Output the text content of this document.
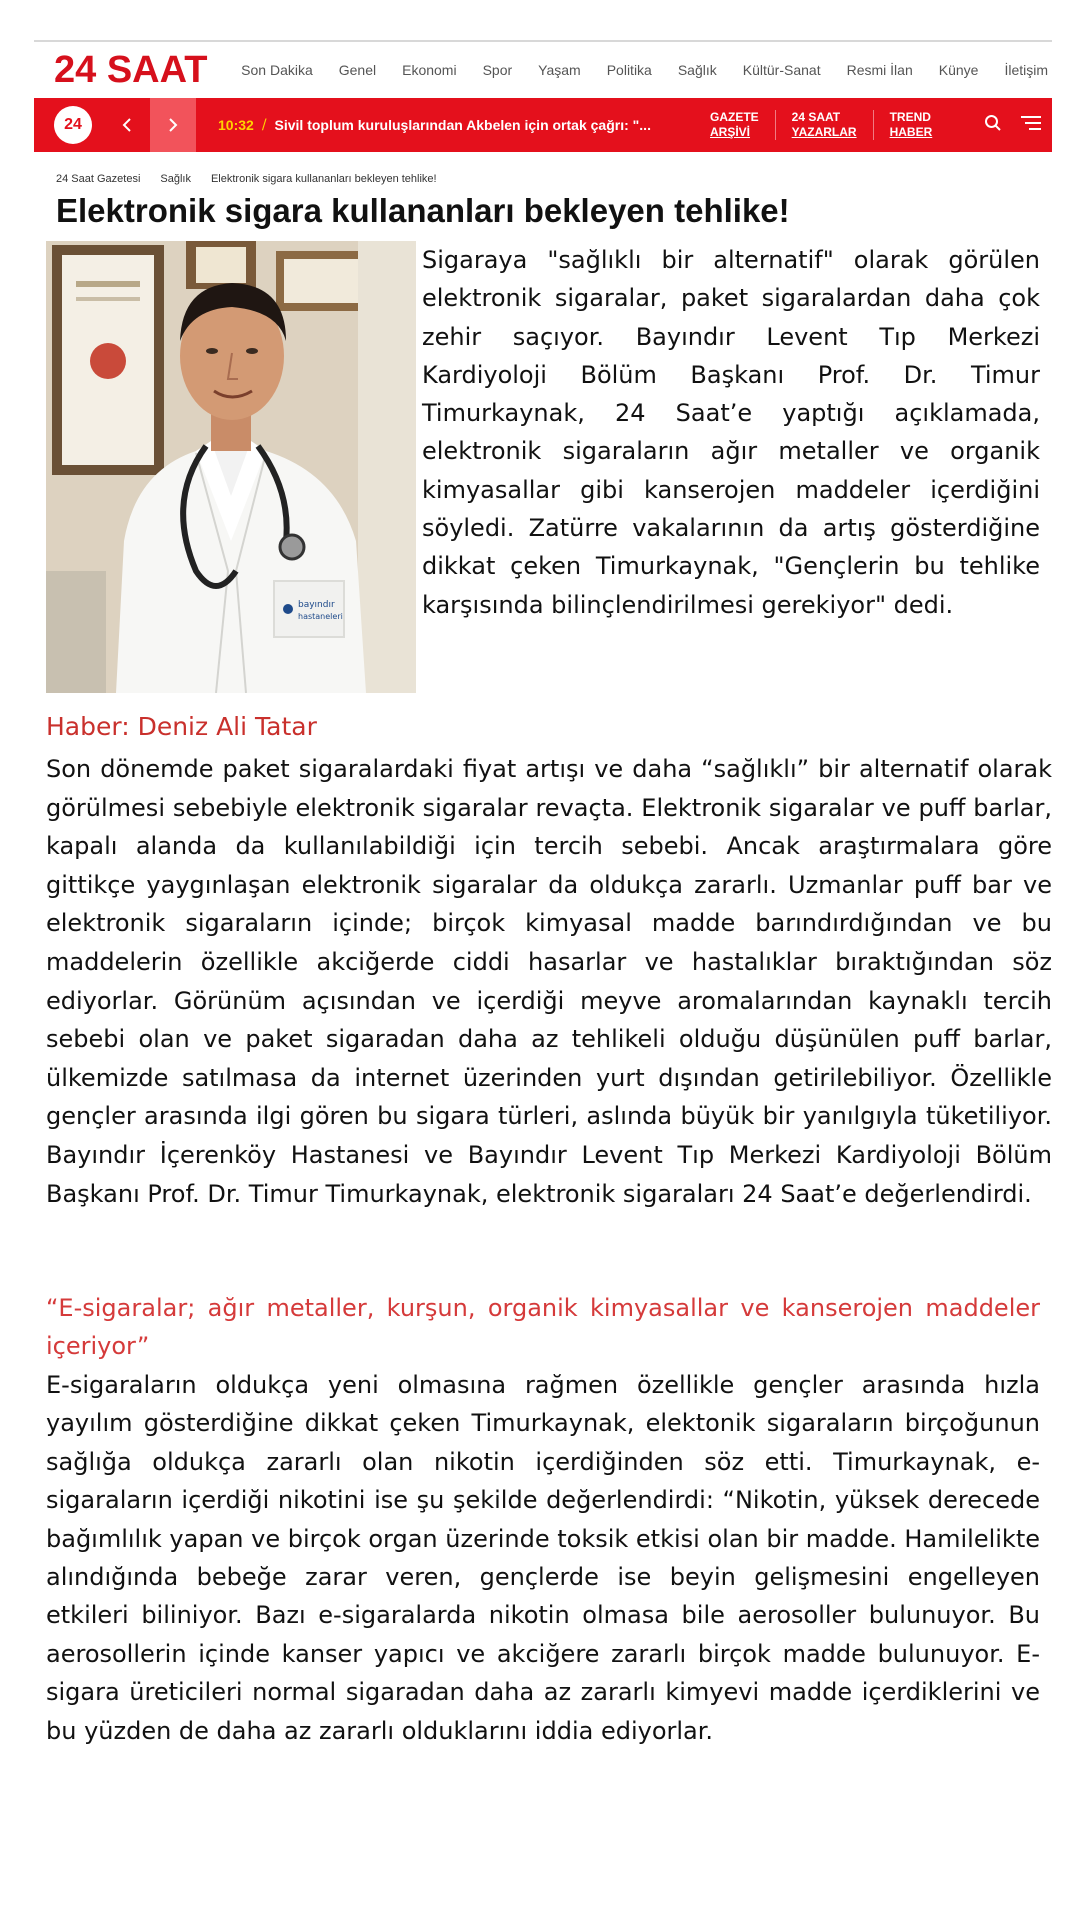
24 SAAT	Son Dakika Genel Ekonomi Spor Yaşam Politika Sağlık Kültür-Sanat Resmi İlan Künye İletişim
24	10:32 / Sivil toplum kuruluşlarından Akbelen için ortak çağrı: "...	GAZETE
ARŞİVİ
24 SAAT
YAZARLAR
TREND
HABER
24 Saat Gazetesi Sağlık Elektronik sigara kullananları bekleyen tehlike!
Elektronik sigara kullananları bekleyen tehlike!
bayındır
hastaneleri

Sigaraya "sağlıklı bir alternatif" olarak görülen elektronik sigaralar, paket sigaralardan daha çok zehir saçıyor. Bayındır Levent Tıp Merkezi Kardiyoloji Bölüm Başkanı Prof. Dr. Timur Timurkaynak, 24 Saat’e yaptığı açıklamada, elektronik sigaraların ağır metaller ve organik kimyasallar gibi kanserojen maddeler içerdiğini söyledi. Zatürre vakalarının da artış gösterdiğine dikkat çeken Timurkaynak, "Gençlerin bu tehlike karşısında bilinçlendirilmesi gerekiyor" dedi.

Haber: Deniz Ali Tatar

Son dönemde paket sigaralardaki fiyat artışı ve daha “sağlıklı” bir alternatif olarak görülmesi sebebiyle elektronik sigaralar revaçta. Elektronik sigaralar ve puff barlar, kapalı alanda da kullanılabildiği için tercih sebebi. Ancak araştırmalara göre gittikçe yaygınlaşan elektronik sigaralar da oldukça zararlı. Uzmanlar puff bar ve elektronik sigaraların içinde; birçok kimyasal madde barındırdığından ve bu maddelerin özellikle akciğerde ciddi hasarlar ve hastalıklar bıraktığından söz ediyorlar. Görünüm açısından ve içerdiği meyve aromalarından kaynaklı tercih sebebi olan ve paket sigaradan daha az tehlikeli olduğu düşünülen puff barlar, ülkemizde satılmasa da internet üzerinden yurt dışından getirilebiliyor. Özellikle gençler arasında ilgi gören bu sigara türleri, aslında büyük bir yanılgıyla tüketiliyor. Bayındır İçerenköy Hastanesi ve Bayındır Levent Tıp Merkezi Kardiyoloji Bölüm Başkanı Prof. Dr. Timur Timurkaynak, elektronik sigaraları 24 Saat’e değerlendirdi.

“E-sigaralar; ağır metaller, kurşun, organik kimyasallar ve kanserojen maddeler içeriyor”

E-sigaraların oldukça yeni olmasına rağmen özellikle gençler arasında hızla yayılım gösterdiğine dikkat çeken Timurkaynak, elektonik sigaraların birçoğunun sağlığa oldukça zararlı olan nikotin içerdiğinden söz etti. Timurkaynak, e-sigaraların içerdiği nikotini ise şu şekilde değerlendirdi: “Nikotin, yüksek derecede bağımlılık yapan ve birçok organ üzerinde toksik etkisi olan bir madde. Hamilelikte alındığında bebeğe zarar veren, gençlerde ise beyin gelişmesini engelleyen etkileri biliniyor. Bazı e-sigaralarda nikotin olmasa bile aerosoller bulunuyor. Bu aerosollerin içinde kanser yapıcı ve akciğere zararlı birçok madde bulunuyor. E-sigara üreticileri normal sigaradan daha az zararlı kimyevi madde içerdiklerini ve bu yüzden de daha az zararlı olduklarını iddia ediyorlar.
